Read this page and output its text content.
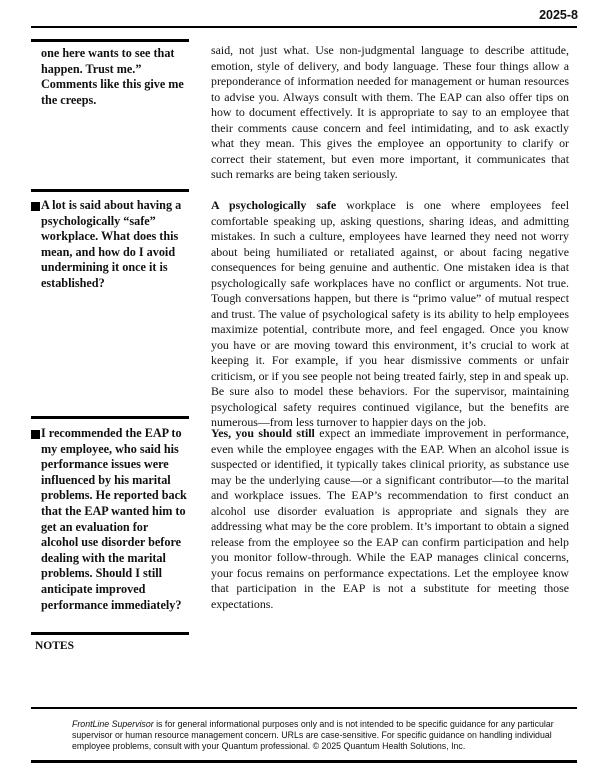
2025-8
one here wants to see that happen. Trust me.” Comments like this give me the creeps.

said, not just what. Use non-judgmental language to describe attitude, emotion, style of delivery, and body language. These four things allow a preponderance of information needed for management or human resources to advise you. Always consult with them. The EAP can also offer tips on how to document effectively. It is appropriate to say to an employee that their comments cause concern and feel intimidating, and to ask exactly what they mean. This gives the employee an opportunity to clarify or correct their statement, but even more important, it communicates that such remarks are being taken seriously.

A lot is said about having a psychologically “safe” workplace. What does this mean, and how do I avoid undermining it once it is established?

A psychologically safe workplace is one where employees feel comfortable speaking up, asking questions, sharing ideas, and admitting mistakes. In such a culture, employees have learned they need not worry about being humiliated or retaliated against, or about facing negative consequences for being genuine and authentic. One mistaken idea is that psychologically safe workplaces have no conflict or arguments. Not true. Tough conversations happen, but there is “primo value” of mutual respect and trust. The value of psychological safety is its ability to help employees maximize potential, contribute more, and feel engaged. Once you know you have or are moving toward this environment, it’s crucial to work at keeping it. For example, if you hear dismissive comments or unfair criticism, or if you see people not being treated fairly, step in and speak up. Be sure also to model these behaviors. For the supervisor, maintaining psychological safety requires continued vigilance, but the benefits are numerous—from less turnover to happier days on the job.

I recommended the EAP to my employee, who said his performance issues were influenced by his marital problems. He reported back that the EAP wanted him to get an evaluation for alcohol use disorder before dealing with the marital problems. Should I still anticipate improved performance immediately?

Yes, you should still expect an immediate improvement in performance, even while the employee engages with the EAP. When an alcohol issue is suspected or identified, it typically takes clinical priority, as substance use may be the underlying cause—or a significant contributor—to the marital and workplace issues. The EAP’s recommendation to first conduct an alcohol use disorder evaluation is appropriate and signals they are addressing what may be the core problem. It’s important to obtain a signed release from the employee so the EAP can confirm participation and help you monitor follow-through. While the EAP manages clinical concerns, your focus remains on performance expectations. Let the employee know that participation in the EAP is not a substitute for meeting those expectations.

NOTES

FrontLine Supervisor is for general informational purposes only and is not intended to be specific guidance for any particular supervisor or human resource management concern. URLs are case-sensitive. For specific guidance on handling individual employee problems, consult with your Quantum professional. © 2025 Quantum Health Solutions, Inc.
